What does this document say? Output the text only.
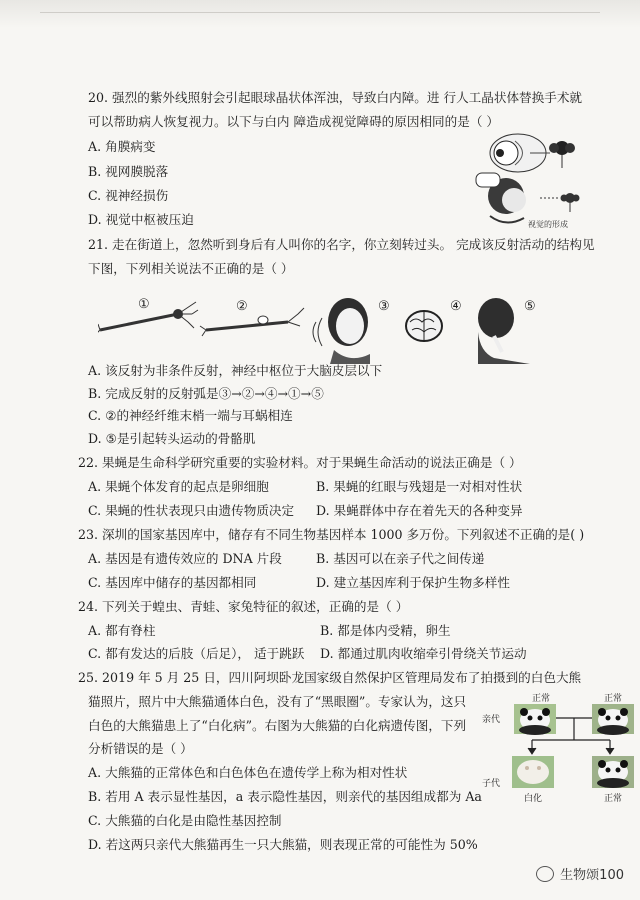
20. 强烈的紫外线照射会引起眼球晶状体浑浊，导致白内障。进 行人工晶状体替换手术就
可以帮助病人恢复视力。以下与白内 障造成视觉障碍的原因相同的是（ ）
A. 角膜病变
B. 视网膜脱落
C. 视神经损伤
D. 视觉中枢被压迫	视觉的形成
21. 走在街道上，忽然听到身后有人叫你的名字，你立刻转过头。 完成该反射活动的结构见
下图，下列相关说法不正确的是（ ）
①	②	③	④	⑤
A. 该反射为非条件反射，神经中枢位于大脑皮层以下
B. 完成反射的反射弧是③→②→④→①→⑤
C. ②的神经纤维末梢一端与耳蜗相连
D. ⑤是引起转头运动的骨骼肌
22. 果蝇是生命科学研究重要的实验材料。对于果蝇生命活动的说法正确是（ ）
A. 果蝇个体发育的起点是卵细胞	B. 果蝇的红眼与残翅是一对相对性状
C. 果蝇的性状表现只由遗传物质决定 D. 果蝇群体中存在着先天的各种变异
23. 深圳的国家基因库中，储存有不同生物基因样本 1000 多万份。下列叙述不正确的是( )
A. 基因是有遗传效应的 DNA 片段	B. 基因可以在亲子代之间传递
C. 基因库中储存的基因都相同	D. 建立基因库利于保护生物多样性
24. 下列关于蝗虫、青蛙、家兔特征的叙述，正确的是（ ）
A. 都有脊柱	B. 都是体内受精，卵生
C. 都有发达的后肢（后足）， 适于跳跃 D. 都通过肌肉收缩牵引骨绕关节运动
25. 2019 年 5 月 25 日，四川阿坝卧龙国家级自然保护区管理局发布了拍摄到的白色大熊
猫照片，照片中大熊猫通体白色，没有了“黑眼圈”。专家认为，这只
白色的大熊猫患上了“白化病”。右图为大熊猫的白化病遗传图，下列
分析错误的是（ ）
A. 大熊猫的正常体色和白色体色在遗传学上称为相对性状
B. 若用 A 表示显性基因，a 表示隐性基因，则亲代的基因组成都为 Aa
C. 大熊猫的白化是由隐性基因控制
D. 若这两只亲代大熊猫再生一只大熊猫，则表现正常的可能性为 50%
正常	正常
亲代
子代
白化	正常
生物颂100
